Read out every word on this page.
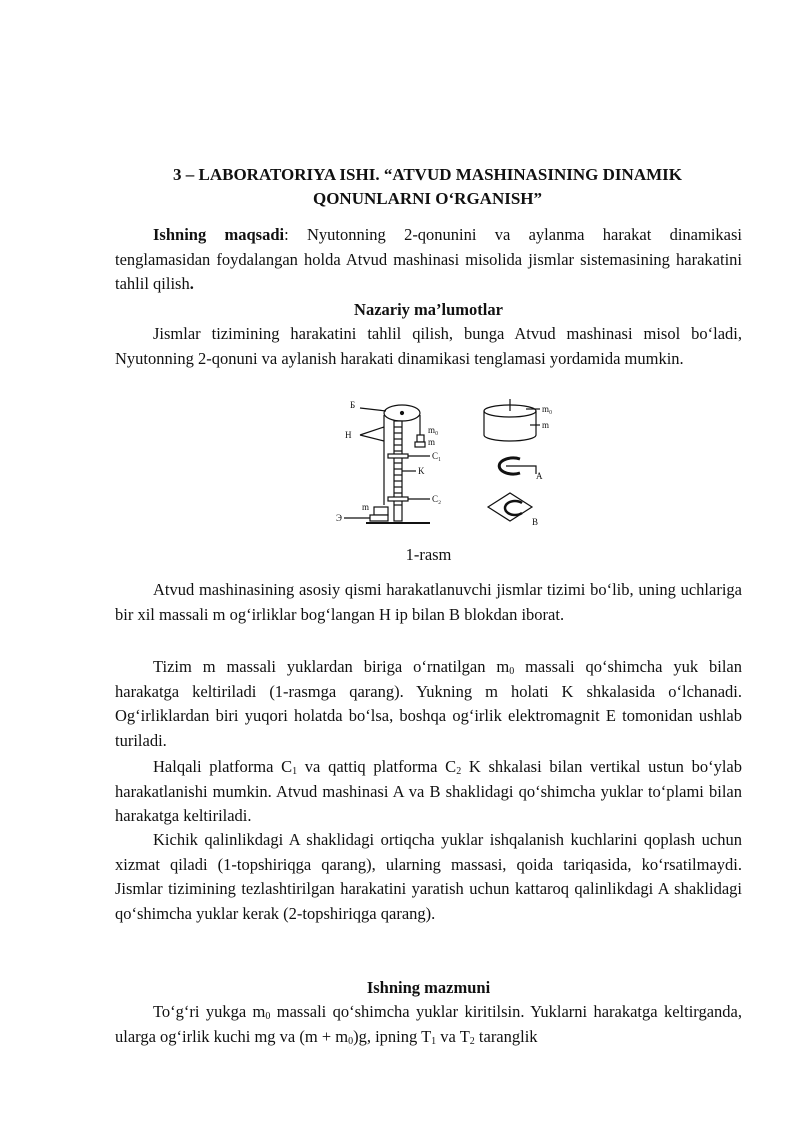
3 – LABORATORIYA ISHI. “ATVUD MASHINASINING DINAMIK
QONUNLARNI O‘RGANISH”
Ishning maqsadi: Nyutonning 2-qonunini va aylanma harakat dinamikasi tenglamasidan foydalangan holda Atvud mashinasi misolida jismlar sistemasining harakatini tahlil qilish.
Nazariy ma’lumotlar
Jismlar tizimining harakatini tahlil qilish, bunga Atvud mashinasi misol bo‘ladi, Nyutonning 2-qonuni va aylanish harakati dinamikasi tenglamasi yordamida mumkin.
Б
H	m₀
m
C₁
K
C₂
m
Э
m₀
m
A
B
1-rasm
Atvud mashinasining asosiy qismi harakatlanuvchi jismlar tizimi bo‘lib, uning uchlariga bir xil massali m og‘irliklar bog‘langan H ip bilan B blokdan iborat.
Tizim m massali yuklardan biriga o‘rnatilgan $m_0$ massali qo‘shimcha yuk bilan harakatga keltiriladi (1-rasmga qarang). Yukning m holati K shkalasida o‘lchanadi. Og‘irliklardan biri yuqori holatda bo‘lsa, boshqa og‘irlik elektromagnit E tomonidan ushlab turiladi.
Halqali platforma $C_1$ va qattiq platforma $C_2$ K shkalasi bilan vertikal ustun bo‘ylab harakatlanishi mumkin. Atvud mashinasi A va B shaklidagi qo‘shimcha yuklar to‘plami bilan harakatga keltiriladi.
Kichik qalinlikdagi A shaklidagi ortiqcha yuklar ishqalanish kuchlarini qoplash uchun xizmat qiladi (1-topshiriqga qarang), ularning massasi, qoida tariqasida, ko‘rsatilmaydi. Jismlar tizimining tezlashtirilgan harakatini yaratish uchun kattaroq qalinlikdagi A shaklidagi qo‘shimcha yuklar kerak (2-topshiriqga qarang).
Ishning mazmuni
To‘g‘ri yukga $m_0$ massali qo‘shimcha yuklar kiritilsin. Yuklarni harakatga keltirganda, ularga og‘irlik kuchi mg va $(m + m_0)g$, ipning $T_1$ va $T_2$ taranglik
